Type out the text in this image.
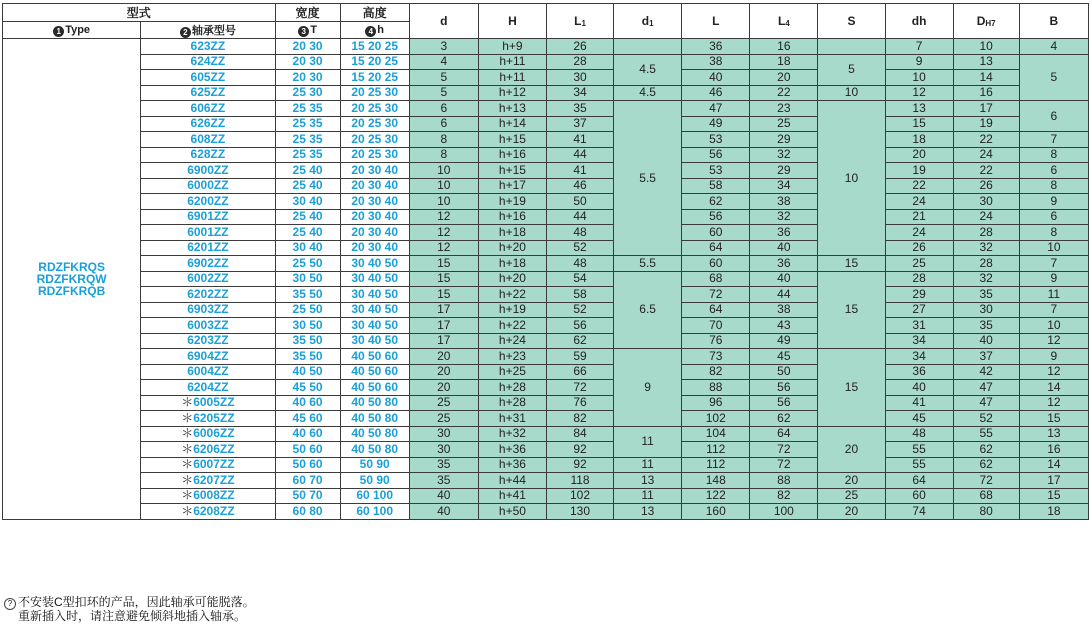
型式		宽度	高度	d	H	$L_1$	$d_1$	L	$L_4$	S	dh	$D_{H7}$	B
1 Type	2 轴承型号	3 T	4 h										

RDZFKRQS
RDZFKRQW
RDZFKRQB	623ZZ	20 30	15 20 25	3	h+9	26		36	16		7	10	4
	624ZZ	20 30	15 20 25	4	h+11	28	4.5	38	18	5	9	13	5
	605ZZ	20 30	15 20 25	5	h+11	30		40	20		10	14	
	625ZZ	25 30	20 25 30	5	h+12	34	4.5	46	22	10	12	16	
	606ZZ	25 35	20 25 30	6	h+13	35	5.5	47	23	10	13	17	6
	626ZZ	25 35	20 25 30	6	h+14	37		49	25		15	19	
	608ZZ	25 35	20 25 30	8	h+15	41		53	29		18	22	7
	628ZZ	25 35	20 25 30	8	h+16	44		56	32		20	24	8
	6900ZZ	25 40	20 30 40	10	h+15	41		53	29		19	22	6
	6000ZZ	25 40	20 30 40	10	h+17	46		58	34		22	26	8
	6200ZZ	30 40	20 30 40	10	h+19	50		62	38		24	30	9
	6901ZZ	25 40	20 30 40	12	h+16	44		56	32		21	24	6
	6001ZZ	25 40	20 30 40	12	h+18	48		60	36		24	28	8
	6201ZZ	30 40	20 30 40	12	h+20	52		64	40		26	32	10
	6902ZZ	25 50	30 40 50	15	h+18	48	5.5	60	36	15	25	28	7
	6002ZZ	30 50	30 40 50	15	h+20	54	6.5	68	40	15	28	32	9
	6202ZZ	35 50	30 40 50	15	h+22	58		72	44		29	35	11
	6903ZZ	25 50	30 40 50	17	h+19	52		64	38		27	30	7
	6003ZZ	30 50	30 40 50	17	h+22	56		70	43		31	35	10
	6203ZZ	35 50	30 40 50	17	h+24	62		76	49		34	40	12
	6904ZZ	35 50	40 50 60	20	h+23	59	9	73	45	15	34	37	9
	6004ZZ	40 50	40 50 60	20	h+25	66		82	50		36	42	12
	6204ZZ	45 50	40 50 60	20	h+28	72		88	56		40	47	14
	＊6005ZZ	40 60	40 50 80	25	h+28	76		96	56		41	47	12
	＊6205ZZ	45 60	40 50 80	25	h+31	82		102	62		45	52	15
	＊6006ZZ	40 60	40 50 80	30	h+32	84	11	104	64	20	48	55	13
	＊6206ZZ	50 60	40 50 80	30	h+36	92		112	72		55	62	16
	＊6007ZZ	50 60	50 90	35	h+36	92	11	112	72		55	62	14
	＊6207ZZ	60 70	50 90	35	h+44	118	13	148	88	20	64	72	17
	＊6008ZZ	50 70	60 100	40	h+41	102	11	122	82	25	60	68	15
	＊6208ZZ	60 80	60 100	40	h+50	130	13	160	100	20	74	80	18
? 不安装C型扣环的产品，因此轴承可能脱落。
重新插入时，请注意避免倾斜地插入轴承。
